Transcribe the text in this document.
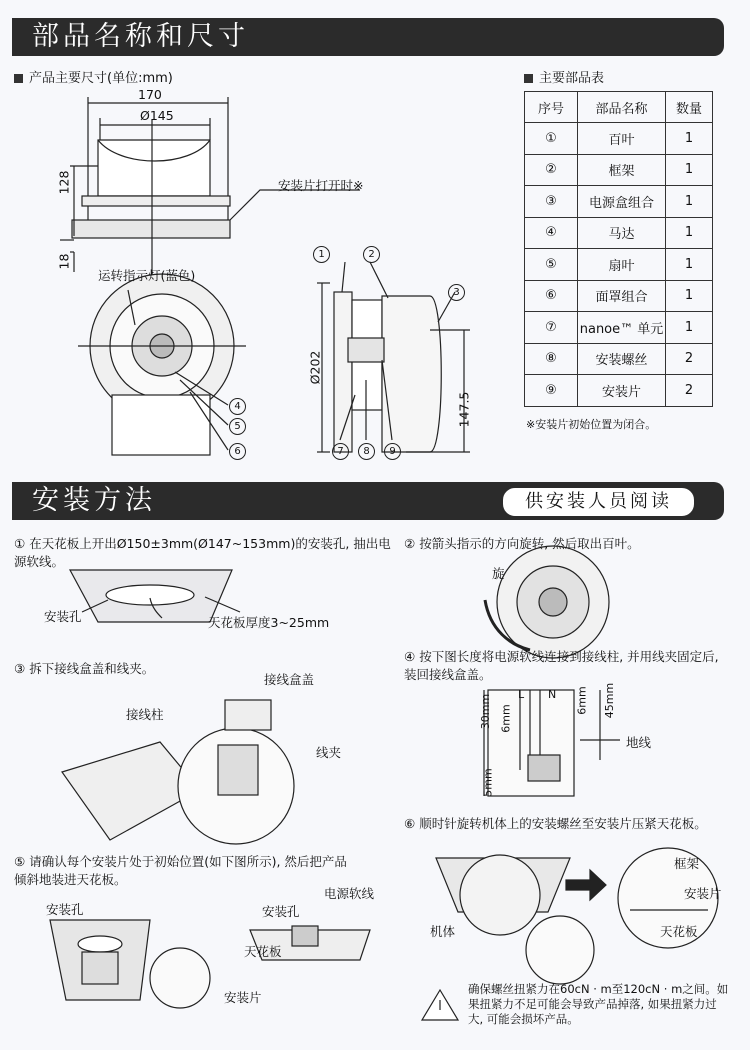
部品名称和尺寸
产品主要尺寸(单位:mm)	主要部品表
170
Ø145
128
18
Ø202
147.5
安装片打开时※
运转指示灯(蓝色)
1	2
3
4
5
6	7	8	9
序号	部品名称	数量
①	百叶	1
②	框架	1
③	电源盒组合	1
④	马达	1
⑤	扇叶	1
⑥	面罩组合	1
⑦	nanoe™ 单元	1
⑧	安装螺丝	2
⑨	安装片	2
※安装片初始位置为闭合。
安装方法	供安装人员阅读
① 在天花板上开出Ø150±3mm(Ø147~153mm)的安装孔, 抽出电源软线。
安装孔	天花板厚度3~25mm
② 按箭头指示的方向旋转, 然后取出百叶。
旋
③ 拆下接线盒盖和线夹。
接线盒盖
接线柱
线夹
④ 按下图长度将电源软线连接到接线柱, 并用线夹固定后, 装回接线盒盖。
L N
30mm 6mm
6mm 45mm
5mm
地线
⑤ 请确认每个安装片处于初始位置(如下图所示), 然后把产品倾斜地装进天花板。
安装孔	安装孔
电源软线
天花板
安装片
⑥ 顺时针旋转机体上的安装螺丝至安装片压紧天花板。
机体
框架
安装片
天花板
确保螺丝扭紧力在60cN · m至120cN · m之间。如果扭紧力不足可能会导致产品掉落, 如果扭紧力过大, 可能会损坏产品。
